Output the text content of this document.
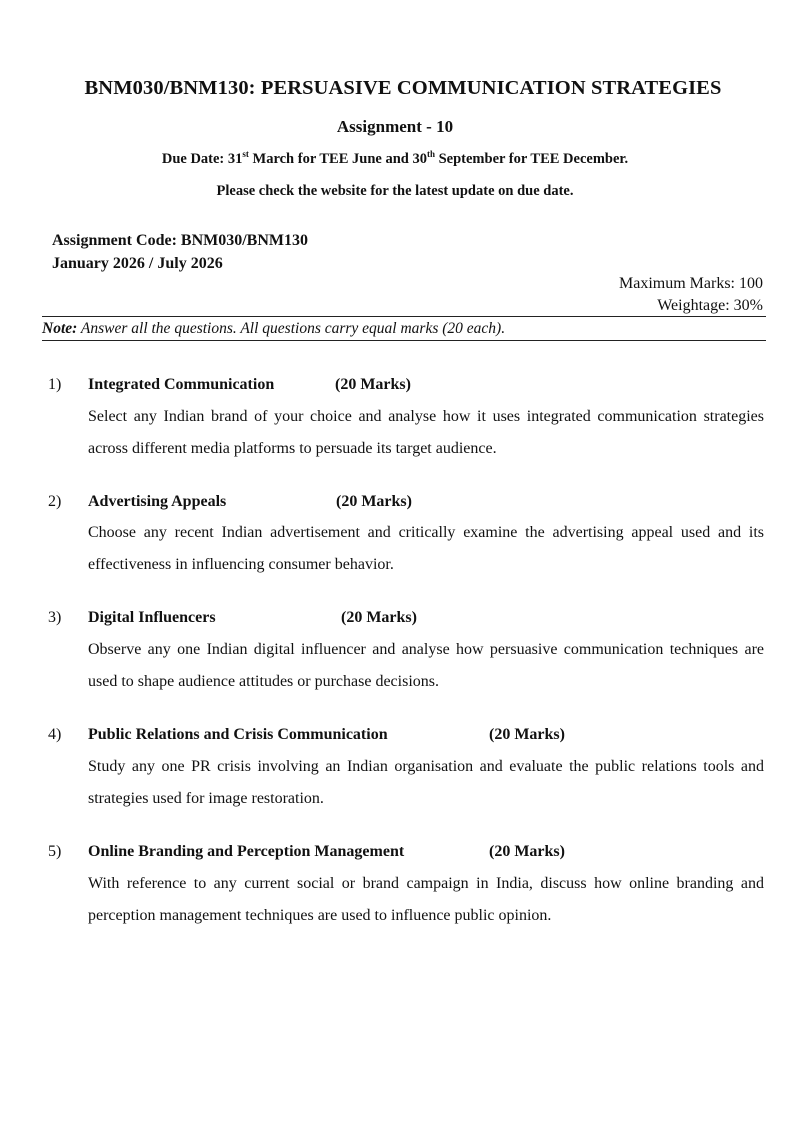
BNM030/BNM130: PERSUASIVE COMMUNICATION STRATEGIES
Assignment - 10
Due Date: 31st March for TEE June and 30th September for TEE December.
Please check the website for the latest update on due date.
Assignment Code: BNM030/BNM130
January 2026 / July 2026
Maximum Marks: 100
Weightage: 30%
Note: Answer all the questions. All questions carry equal marks (20 each).
1) Integrated Communication	(20 Marks)
Select any Indian brand of your choice and analyse how it uses integrated communication strategies across different media platforms to persuade its target audience.
2) Advertising Appeals	(20 Marks)
Choose any recent Indian advertisement and critically examine the advertising appeal used and its effectiveness in influencing consumer behavior.
3) Digital Influencers	(20 Marks)
Observe any one Indian digital influencer and analyse how persuasive communication techniques are used to shape audience attitudes or purchase decisions.
4) Public Relations and Crisis Communication	(20 Marks)
Study any one PR crisis involving an Indian organisation and evaluate the public relations tools and strategies used for image restoration.
5) Online Branding and Perception Management	(20 Marks)
With reference to any current social or brand campaign in India, discuss how online branding and perception management techniques are used to influence public opinion.
